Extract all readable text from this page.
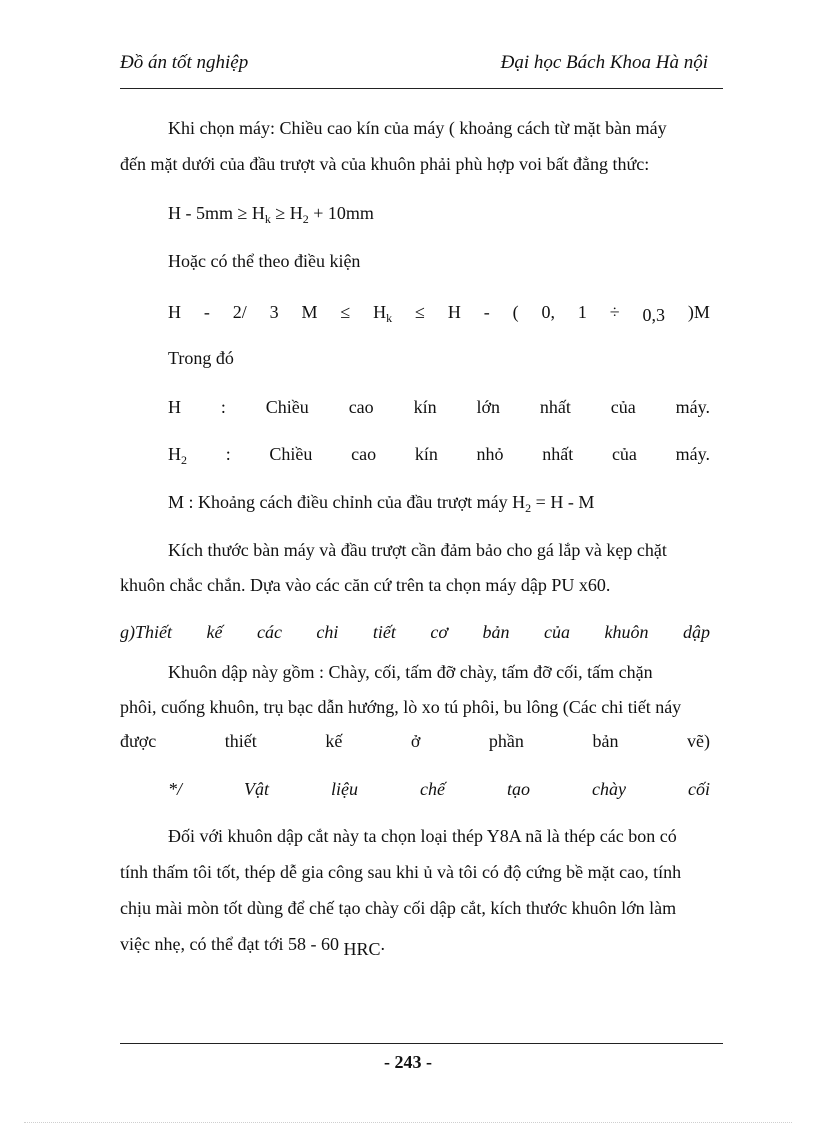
Đồ án tốt nghiệp	Đại học Bách Khoa Hà nội
Khi chọn máy: Chiều cao kín của máy ( khoảng cách từ mặt bàn máy
đến mặt dưới của đầu trượt và của khuôn phải phù hợp voi bất đẳng thức:
$H - 5mm \ge H_k \ge H_2 + 10mm$
Hoặc có thể theo điều kiện
H - 2/ 3 $M \le H_k \le H$ - ( 0, 1 ÷ 0,3 )M
Trong đó
H : Chiều cao kín lớn nhất của máy.
$H_2$ : Chiều cao kín nhỏ nhất của máy.
M : Khoảng cách điều chỉnh của đầu trượt máy $H_2 = H - M$
Kích thước bàn máy và đầu trượt cần đảm bảo cho gá lắp và kẹp chặt
khuôn chắc chắn. Dựa vào các căn cứ trên ta chọn máy dập PU x60.
g)Thiết kế các chi tiết cơ bản của khuôn dập
Khuôn dập này gồm : Chày, cối, tấm đỡ chày, tấm đỡ cối, tấm chặn
phôi, cuống khuôn, trụ bạc dẫn hướng, lò xo tú phôi, bu lông (Các chi tiết náy
được	thiết	kế	ở	phần	bản	vẽ)
*/	Vật	liệu	chế	tạo	chày	cối
Đối với khuôn dập cắt này ta chọn loại thép Y8A nã là thép các bon có
tính thấm tôi tốt, thép dễ gia công sau khi ủ và tôi có độ cứng bề mặt cao, tính
chịu mài mòn tốt dùng để chế tạo chày cối dập cắt, kích thước khuôn lớn làm
việc nhẹ, có thể đạt tới 58 - 60 HRC.
- 243 -
